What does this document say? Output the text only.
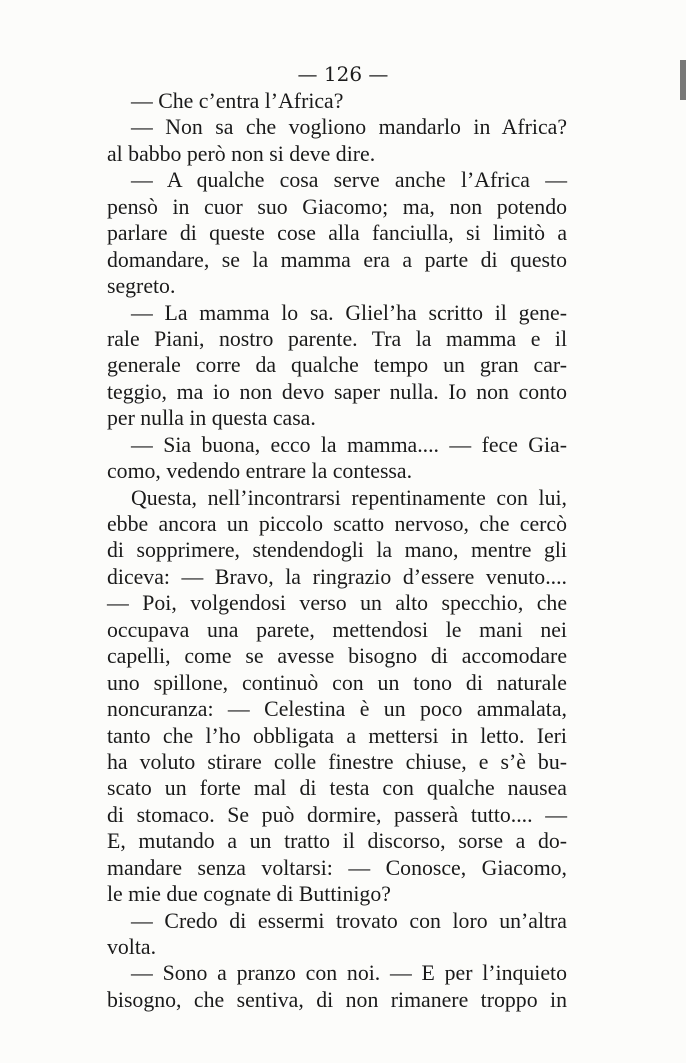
— 126 —
— Che c’entra l’Africa?
— Non sa che vogliono mandarlo in Africa?
al babbo però non si deve dire.
— A qualche cosa serve anche l’Africa —
pensò in cuor suo Giacomo; ma, non potendo
parlare di queste cose alla fanciulla, si limitò a
domandare, se la mamma era a parte di questo
segreto.
— La mamma lo sa. Gliel’ha scritto il gene-
rale Piani, nostro parente. Tra la mamma e il
generale corre da qualche tempo un gran car-
teggio, ma io non devo saper nulla. Io non conto
per nulla in questa casa.
— Sia buona, ecco la mamma.... — fece Gia-
como, vedendo entrare la contessa.
Questa, nell’incontrarsi repentinamente con lui,
ebbe ancora un piccolo scatto nervoso, che cercò
di sopprimere, stendendogli la mano, mentre gli
diceva: — Bravo, la ringrazio d’essere venuto....
— Poi, volgendosi verso un alto specchio, che
occupava una parete, mettendosi le mani nei
capelli, come se avesse bisogno di accomodare
uno spillone, continuò con un tono di naturale
noncuranza: — Celestina è un poco ammalata,
tanto che l’ho obbligata a mettersi in letto. Ieri
ha voluto stirare colle finestre chiuse, e s’è bu-
scato un forte mal di testa con qualche nausea
di stomaco. Se può dormire, passerà tutto.... —
E, mutando a un tratto il discorso, sorse a do-
mandare senza voltarsi: — Conosce, Giacomo,
le mie due cognate di Buttinigo?
— Credo di essermi trovato con loro un’altra
volta.
— Sono a pranzo con noi. — E per l’inquieto
bisogno, che sentiva, di non rimanere troppo in
